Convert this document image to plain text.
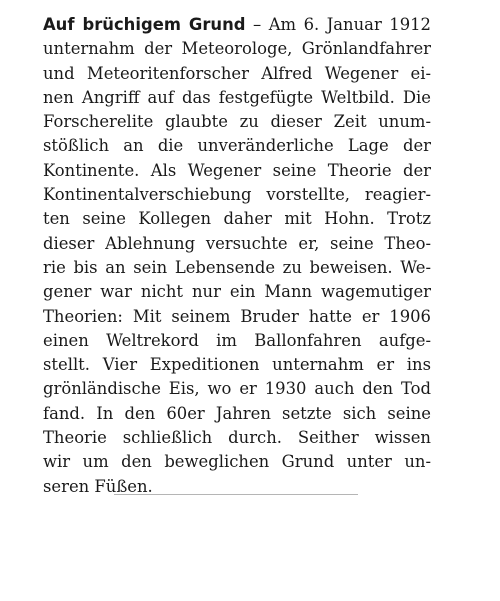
Auf brüchigem Grund – Am 6. Januar 1912
unternahm der Meteorologe, Grönlandfahrer
und Meteoritenforscher Alfred Wegener ei-
nen Angriff auf das festgefügte Weltbild. Die
Forscherelite glaubte zu dieser Zeit unum-
stößlich an die unveränderliche Lage der
Kontinente. Als Wegener seine Theorie der
Kontinentalverschiebung vorstellte, reagier-
ten seine Kollegen daher mit Hohn. Trotz
dieser Ablehnung versuchte er, seine Theo-
rie bis an sein Lebensende zu beweisen. We-
gener war nicht nur ein Mann wagemutiger
Theorien: Mit seinem Bruder hatte er 1906
einen Weltrekord im Ballonfahren aufge-
stellt. Vier Expeditionen unternahm er ins
grönländische Eis, wo er 1930 auch den Tod
fand. In den 60er Jahren setzte sich seine
Theorie schließlich durch. Seither wissen
wir um den beweglichen Grund unter un-
seren Füßen.
